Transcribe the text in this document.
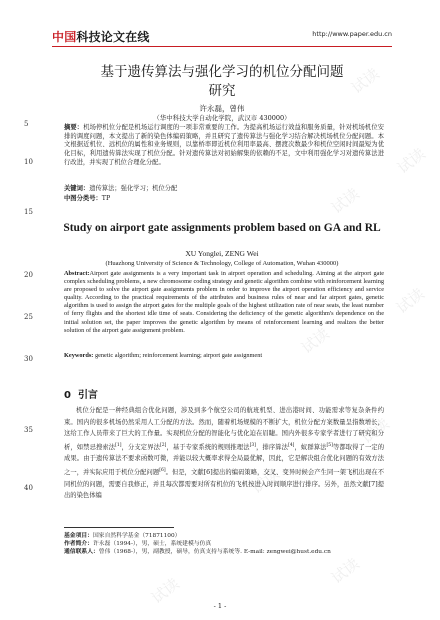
试读
试读
试读
试读
试读
试读
试读
试读
试读
中国科技论文在线	http://www.paper.edu.cn
5
10
15
20
25
30
35
40
基于遗传算法与强化学习的机位分配问题
研究
许永磊，曾伟
（华中科技大学自动化学院，武汉市 430000）
摘要：机场停机位分配是机场运行调度的一项非常重要的工作。为提高机场运行效益和服务质量，针对机场机位安排的调度问题，本文提出了新的染色体编码策略，并且研究了遗传算法与强化学习结合解决机场机位分配问题。本文根据近机位、远机位的属性和业务规则，以靠桥率即近机位利用率最高、摆渡次数最少和机位空闲时间最短为优化目标，利用遗传算法实现了机位分配。针对遗传算法对初始解集的依赖的不足，文中利用强化学习对遗传算法进行改进，并实现了机位合理化分配。
关键词：遗传算法；强化学习；机位分配
中图分类号：TP
Study on airport gate assignments problem based on GA and RL
XU Yonglei, ZENG Wei
(Huazhong University of Science & Technology, College of Automation, Wuhan 430000)
Abstract:Airport gate assignments is a very important task in airport operation and scheduling. Aiming at the airport gate complex scheduling problems, a new chromosome coding strategy and genetic algorithm combine with reinforcement learning are proposed to solve the airport gate assignments problem in order to improve the airport operation efficiency and service quality. According to the practical requirements of the attributes and business rules of near and far airport gates, genetic algorithm is used to assign the airport gates for the multiple goals of the highest utilization rate of near seats, the least number of ferry flights and the shortest idle time of seats. Considering the deficiency of the genetic algorithm's dependence on the initial solution set, the paper improves the genetic algorithm by means of reinforcement learning and realizes the better solution of the airport gate assignment problem.
Keywords: genetic algorithm; reinforcement learning; airport gate assignment
0 引言
机位分配是一种经典组合优化问题，涉及到多个航空公司的航班机型、进出港时间、功能需求等复杂条件约束。国内的很多机场仍然采用人工分配的方法。然而，随着机场规模的不断扩大，机位分配方案数量呈指数增长，这给工作人员带来了巨大的工作量。实现机位分配的智能化与优化迫在眉睫。国内外很多专家学者进行了研究和分析，如禁忌搜索法[1]，分支定界法[2]，基于专家系统的规则推理法[3]，排序算法[4]，蚁群算法[5]等都取得了一定的成果。由于遗传算法不要求函数可微，并能以较大概率求得全局最优解，因此，它是解决组合优化问题的有效方法之一，并实际应用于机位分配问题[6]。但是，文献[6]提出的编码策略，交叉、变异时候会产生同一架飞机出现在不同机位的问题，需要自我修正，并且每次都需要对所有机位的飞机按进入时间顺序进行排序。另外，虽然文献[7]提出的染色体编
基金项目：国家自然科学基金（71871100）
作者简介：许永磊（1994-），男，硕士，系统建模与仿真
通信联系人：曾伟（1968-），男，副教授，硕导，仿真支持与系统等. E-mail: zengwei@hust.edu.cn
- 1 -
